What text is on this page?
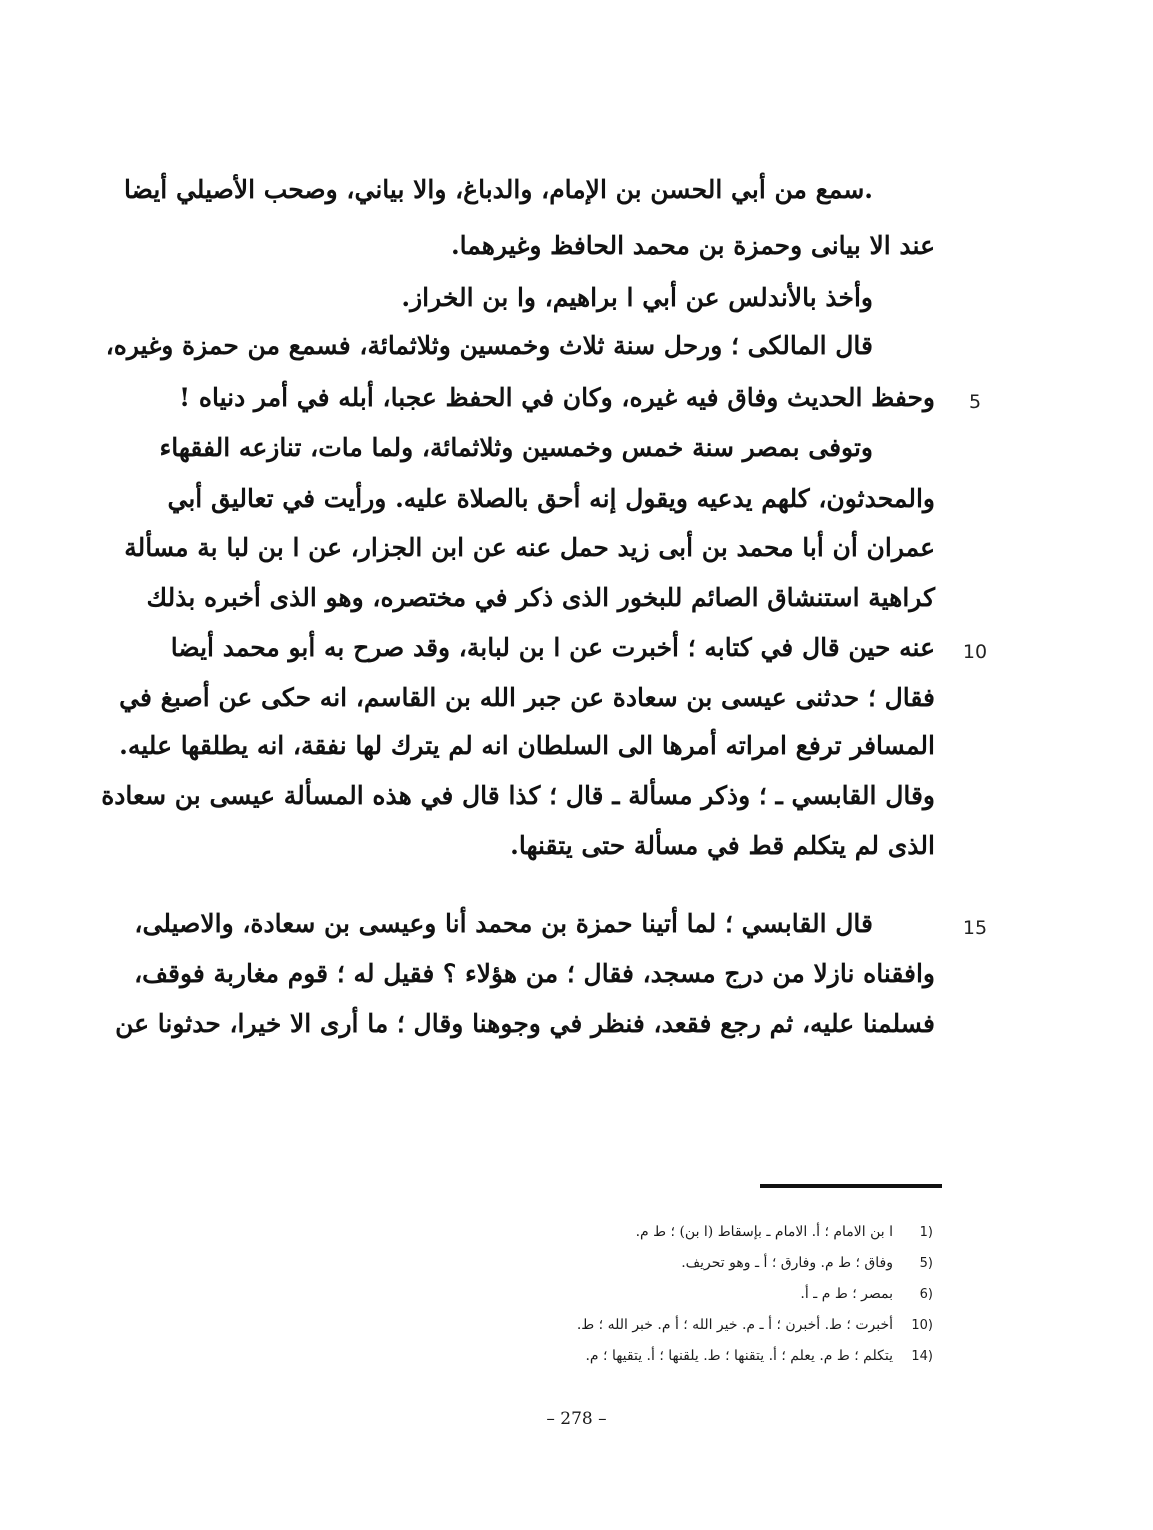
.سمع من أبي الحسن بن الإمام، والدباغ، والا بياني، وصحب الأصيلي أيضا
عند الا بيانى وحمزة بن محمد الحافظ وغيرهما.
وأخذ بالأندلس عن أبي ا براهيم، وا بن الخراز.
قال المالكى ؛ ورحل سنة ثلاث وخمسين وثلاثمائة، فسمع من حمزة وغيره،
وحفظ الحديث وفاق فيه غيره، وكان في الحفظ عجبا، أبله في أمر دنياه !
وتوفى بمصر سنة خمس وخمسين وثلاثمائة، ولما مات، تنازعه الفقهاء
والمحدثون، كلهم يدعيه ويقول إنه أحق بالصلاة عليه. ورأيت في تعاليق أبي
عمران أن أبا محمد بن أبى زيد حمل عنه عن ابن الجزار، عن ا بن لبا بة مسألة
كراهية استنشاق الصائم للبخور الذى ذكر في مختصره، وهو الذى أخبره بذلك
عنه حين قال في كتابه ؛ أخبرت عن ا بن لبابة، وقد صرح به أبو محمد أيضا
فقال ؛ حدثنى عيسى بن سعادة عن جبر الله بن القاسم، انه حكى عن أصبغ في
المسافر ترفع امراته أمرها الى السلطان انه لم يترك لها نفقة، انه يطلقها عليه.
وقال القابسي ـ ؛ وذكر مسألة ـ قال ؛ كذا قال في هذه المسألة عيسى بن سعادة
الذى لم يتكلم قط في مسألة حتى يتقنها.
قال القابسي ؛ لما أتينا حمزة بن محمد أنا وعيسى بن سعادة، والاصيلى،
وافقناه نازلا من درج مسجد، فقال ؛ من هؤلاء ؟ فقيل له ؛ قوم مغاربة فوقف،
فسلمنا عليه، ثم رجع فقعد، فنظر في وجوهنا وقال ؛ ما أرى الا خيرا، حدثونا عن
5
10
15
1)ا بن الامام ؛ أ. الامام ـ بإسقاط (ا بن) ؛ ط م.
5)وفاق ؛ ط م. وفارق ؛ أ ـ وهو تحريف.
6)بمصر ؛ ط م ـ أ.
10)أخبرت ؛ ط. أخبرن ؛ أ ـ م. خير الله ؛ أ م. خبر الله ؛ ط.
14)يتكلم ؛ ط م. يعلم ؛ أ. يتقنها ؛ ط. يلقنها ؛ أ. يتقيها ؛ م.
– 278 –
